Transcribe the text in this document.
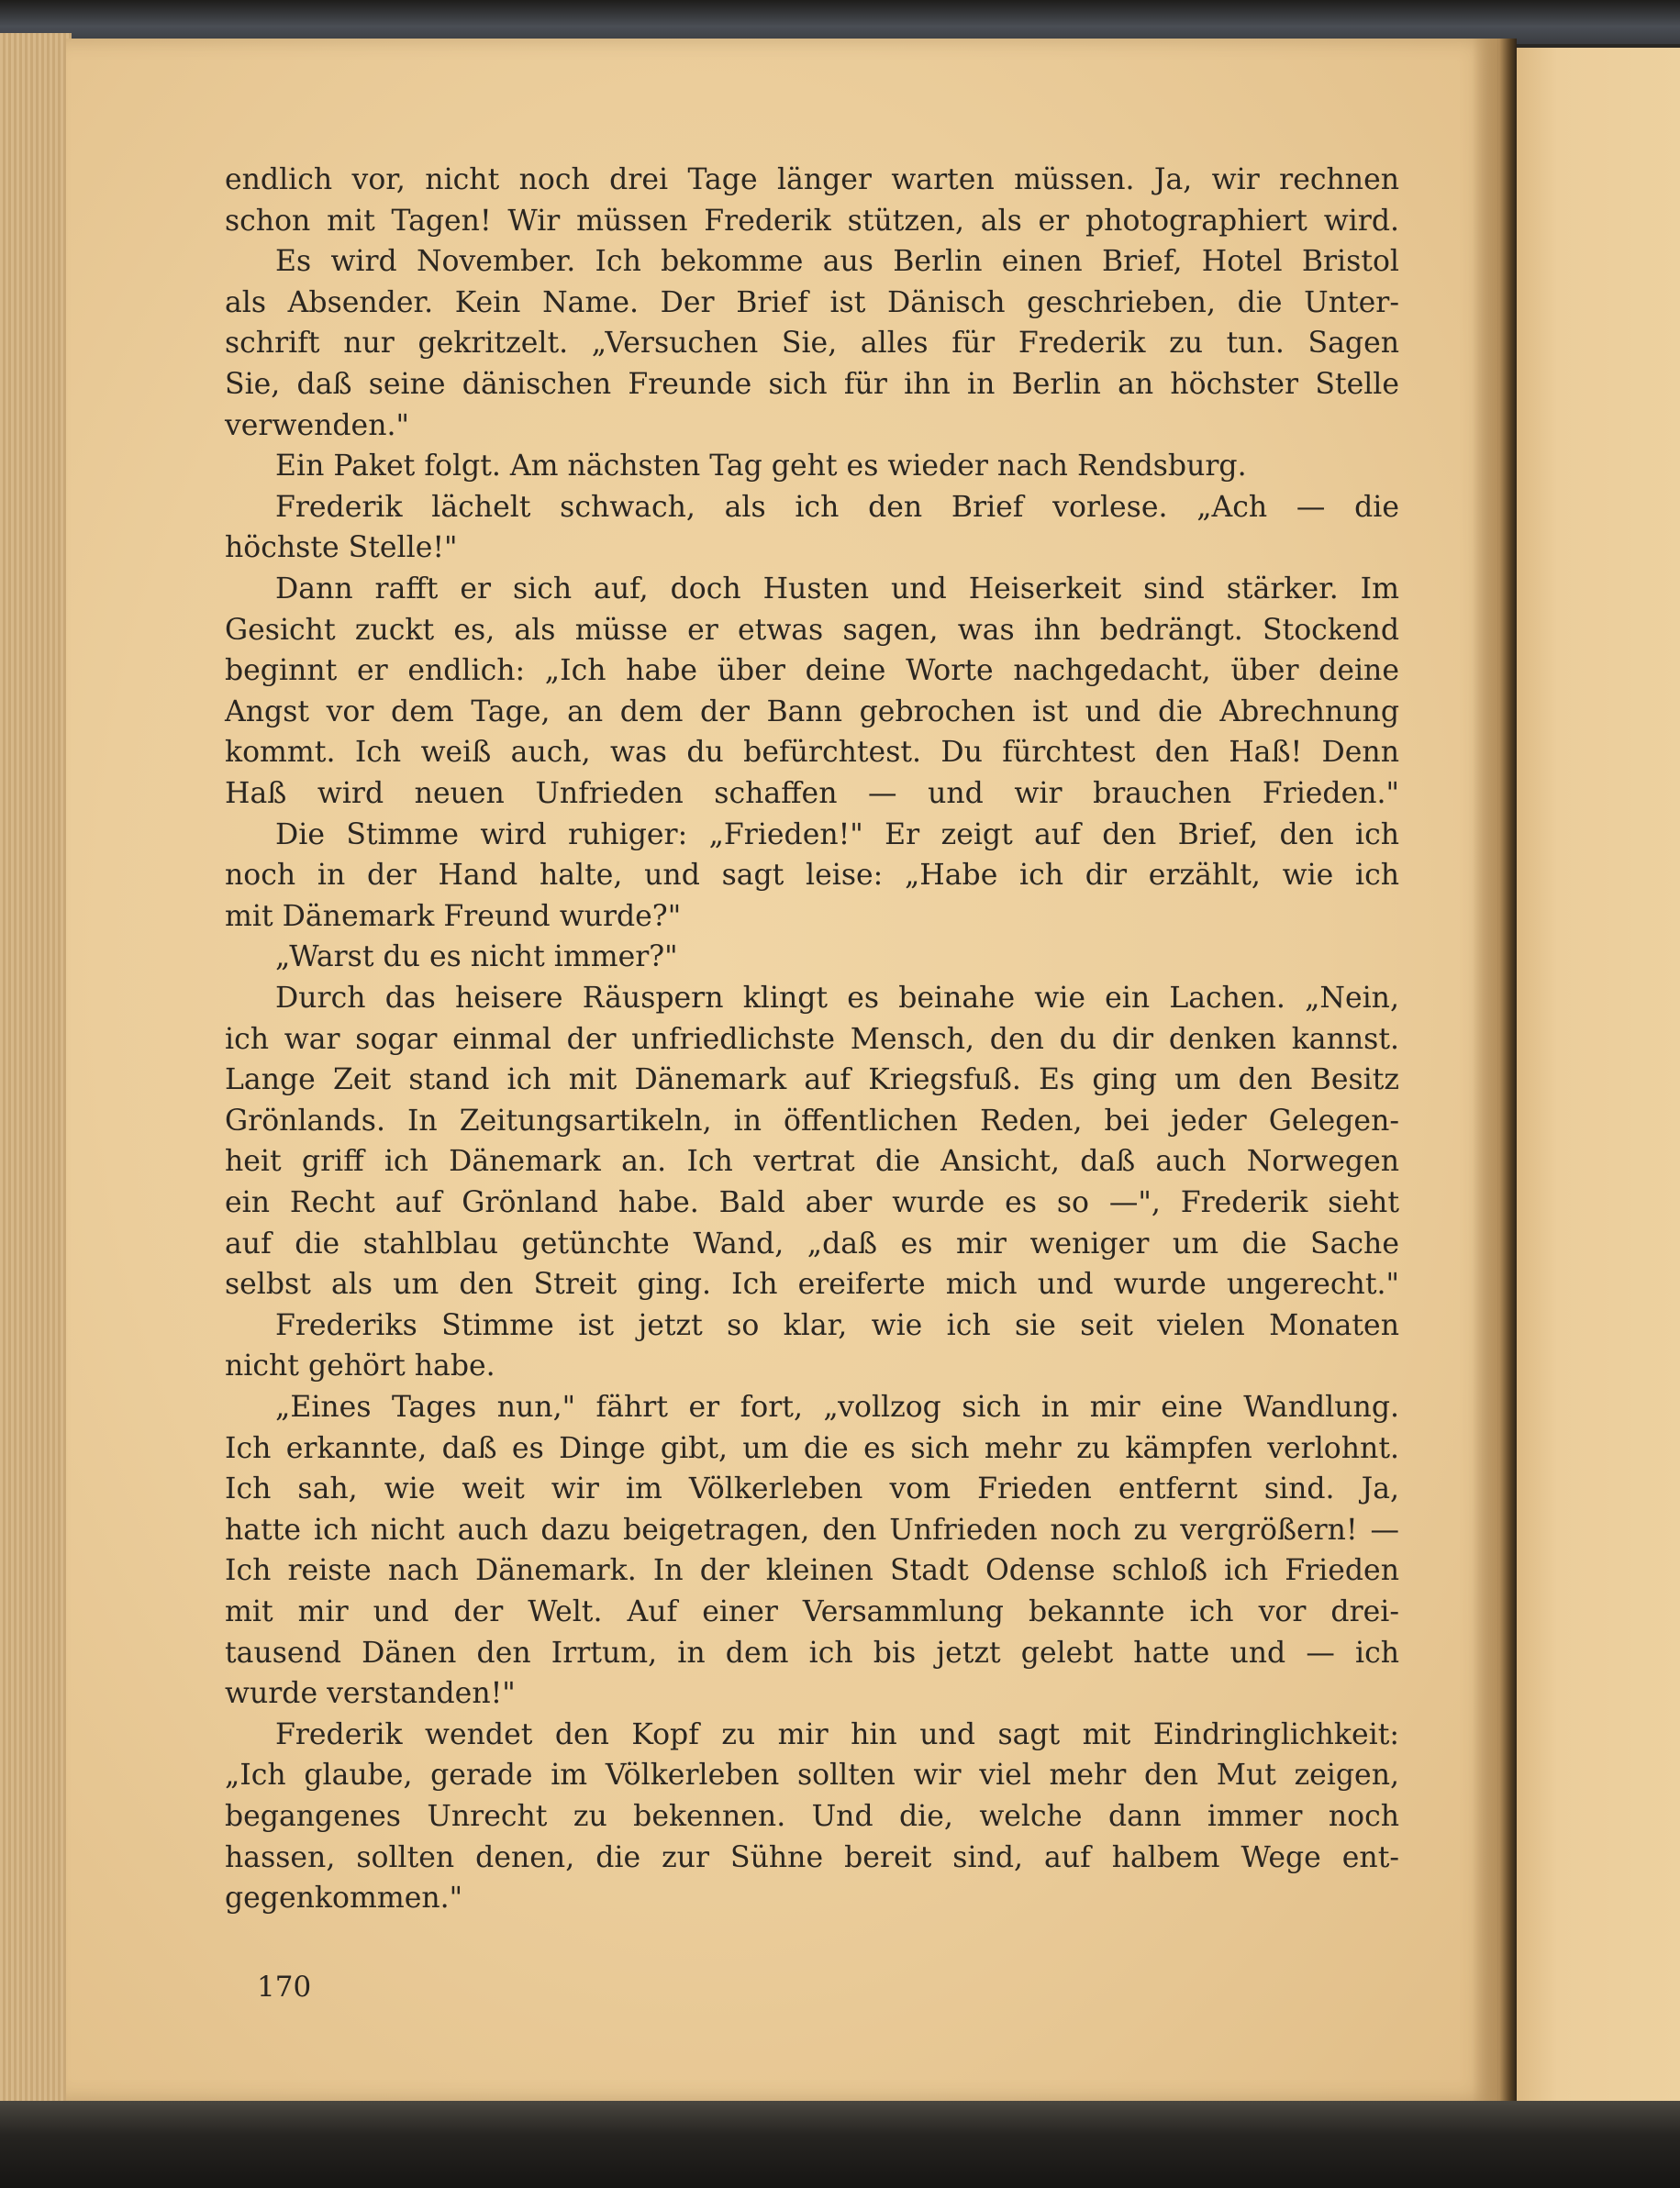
endlich vor, nicht noch drei Tage länger warten müssen. Ja, wir rechnen
schon mit Tagen! Wir müssen Frederik stützen, als er photographiert wird.
Es wird November. Ich bekomme aus Berlin einen Brief, Hotel Bristol
als Absender. Kein Name. Der Brief ist Dänisch geschrieben, die Unter-
schrift nur gekritzelt. „Versuchen Sie, alles für Frederik zu tun. Sagen
Sie, daß seine dänischen Freunde sich für ihn in Berlin an höchster Stelle
verwenden."
Ein Paket folgt. Am nächsten Tag geht es wieder nach Rendsburg.
Frederik lächelt schwach, als ich den Brief vorlese. „Ach — die
höchste Stelle!"
Dann rafft er sich auf, doch Husten und Heiserkeit sind stärker. Im
Gesicht zuckt es, als müsse er etwas sagen, was ihn bedrängt. Stockend
beginnt er endlich: „Ich habe über deine Worte nachgedacht, über deine
Angst vor dem Tage, an dem der Bann gebrochen ist und die Abrechnung
kommt. Ich weiß auch, was du befürchtest. Du fürchtest den Haß! Denn
Haß wird neuen Unfrieden schaffen — und wir brauchen Frieden."
Die Stimme wird ruhiger: „Frieden!" Er zeigt auf den Brief, den ich
noch in der Hand halte, und sagt leise: „Habe ich dir erzählt, wie ich
mit Dänemark Freund wurde?"
„Warst du es nicht immer?"
Durch das heisere Räuspern klingt es beinahe wie ein Lachen. „Nein,
ich war sogar einmal der unfriedlichste Mensch, den du dir denken kannst.
Lange Zeit stand ich mit Dänemark auf Kriegsfuß. Es ging um den Besitz
Grönlands. In Zeitungsartikeln, in öffentlichen Reden, bei jeder Gelegen-
heit griff ich Dänemark an. Ich vertrat die Ansicht, daß auch Norwegen
ein Recht auf Grönland habe. Bald aber wurde es so —", Frederik sieht
auf die stahlblau getünchte Wand, „daß es mir weniger um die Sache
selbst als um den Streit ging. Ich ereiferte mich und wurde ungerecht."
Frederiks Stimme ist jetzt so klar, wie ich sie seit vielen Monaten
nicht gehört habe.
„Eines Tages nun," fährt er fort, „vollzog sich in mir eine Wandlung.
Ich erkannte, daß es Dinge gibt, um die es sich mehr zu kämpfen verlohnt.
Ich sah, wie weit wir im Völkerleben vom Frieden entfernt sind. Ja,
hatte ich nicht auch dazu beigetragen, den Unfrieden noch zu vergrößern! —
Ich reiste nach Dänemark. In der kleinen Stadt Odense schloß ich Frieden
mit mir und der Welt. Auf einer Versammlung bekannte ich vor drei-
tausend Dänen den Irrtum, in dem ich bis jetzt gelebt hatte und — ich
wurde verstanden!"
Frederik wendet den Kopf zu mir hin und sagt mit Eindringlichkeit:
„Ich glaube, gerade im Völkerleben sollten wir viel mehr den Mut zeigen,
begangenes Unrecht zu bekennen. Und die, welche dann immer noch
hassen, sollten denen, die zur Sühne bereit sind, auf halbem Wege ent-
gegenkommen."
170
